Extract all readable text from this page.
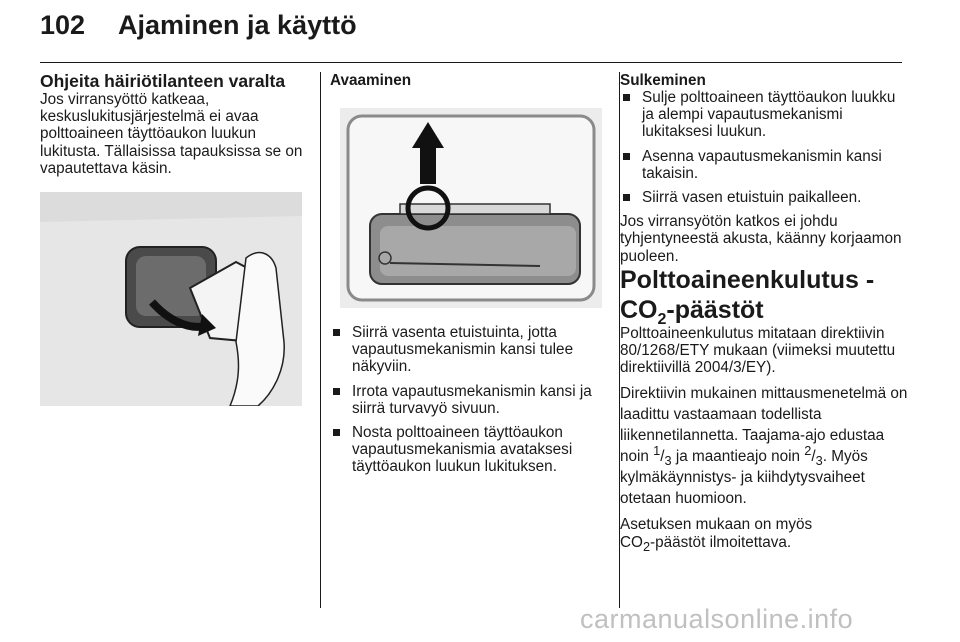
102 Ajaminen ja käyttö

Ohjeita häiriötilanteen varalta

Jos virransyöttö katkeaa, keskuslukitusjärjestelmä ei avaa polttoaineen täyttöaukon luukun lukitusta. Tällaisissa tapauksissa se on vapautettava käsin.

Avaaminen

Siirrä vasenta etuistuinta, jotta vapautusmekanismin kansi tulee näkyviin.
Irrota vapautusmekanismin kansi ja siirrä turvavyö sivuun.
Nosta polttoaineen täyttöaukon vapautusmekanismia avataksesi täyttöaukon luukun lukituksen.

Sulkeminen

Sulje polttoaineen täyttöaukon luukku ja alempi vapautusmekanismi lukitaksesi luukun.
Asenna vapautusmekanismin kansi takaisin.
Siirrä vasen etuistuin paikalleen.

Jos virransyötön katkos ei johdu tyhjentyneestä akusta, käänny korjaamon puoleen.

Polttoaineenkulutus -
$CO_2$-päästöt

Polttoaineenkulutus mitataan direktiivin 80/1268/ETY mukaan (viimeksi muutettu direktiivillä 2004/3/EY).

Direktiivin mukainen mittausmenetelmä on laadittu vastaamaan todellista liikennetilannetta. Taajama-ajo edustaa noin $^1/_3$ ja maantieajo noin $^2/_3$. Myös kylmäkäynnistys- ja kiihdytysvaiheet otetaan huomioon.

Asetuksen mukaan on myös
$CO_2$-päästöt ilmoitettava.

carmanualsonline.info
